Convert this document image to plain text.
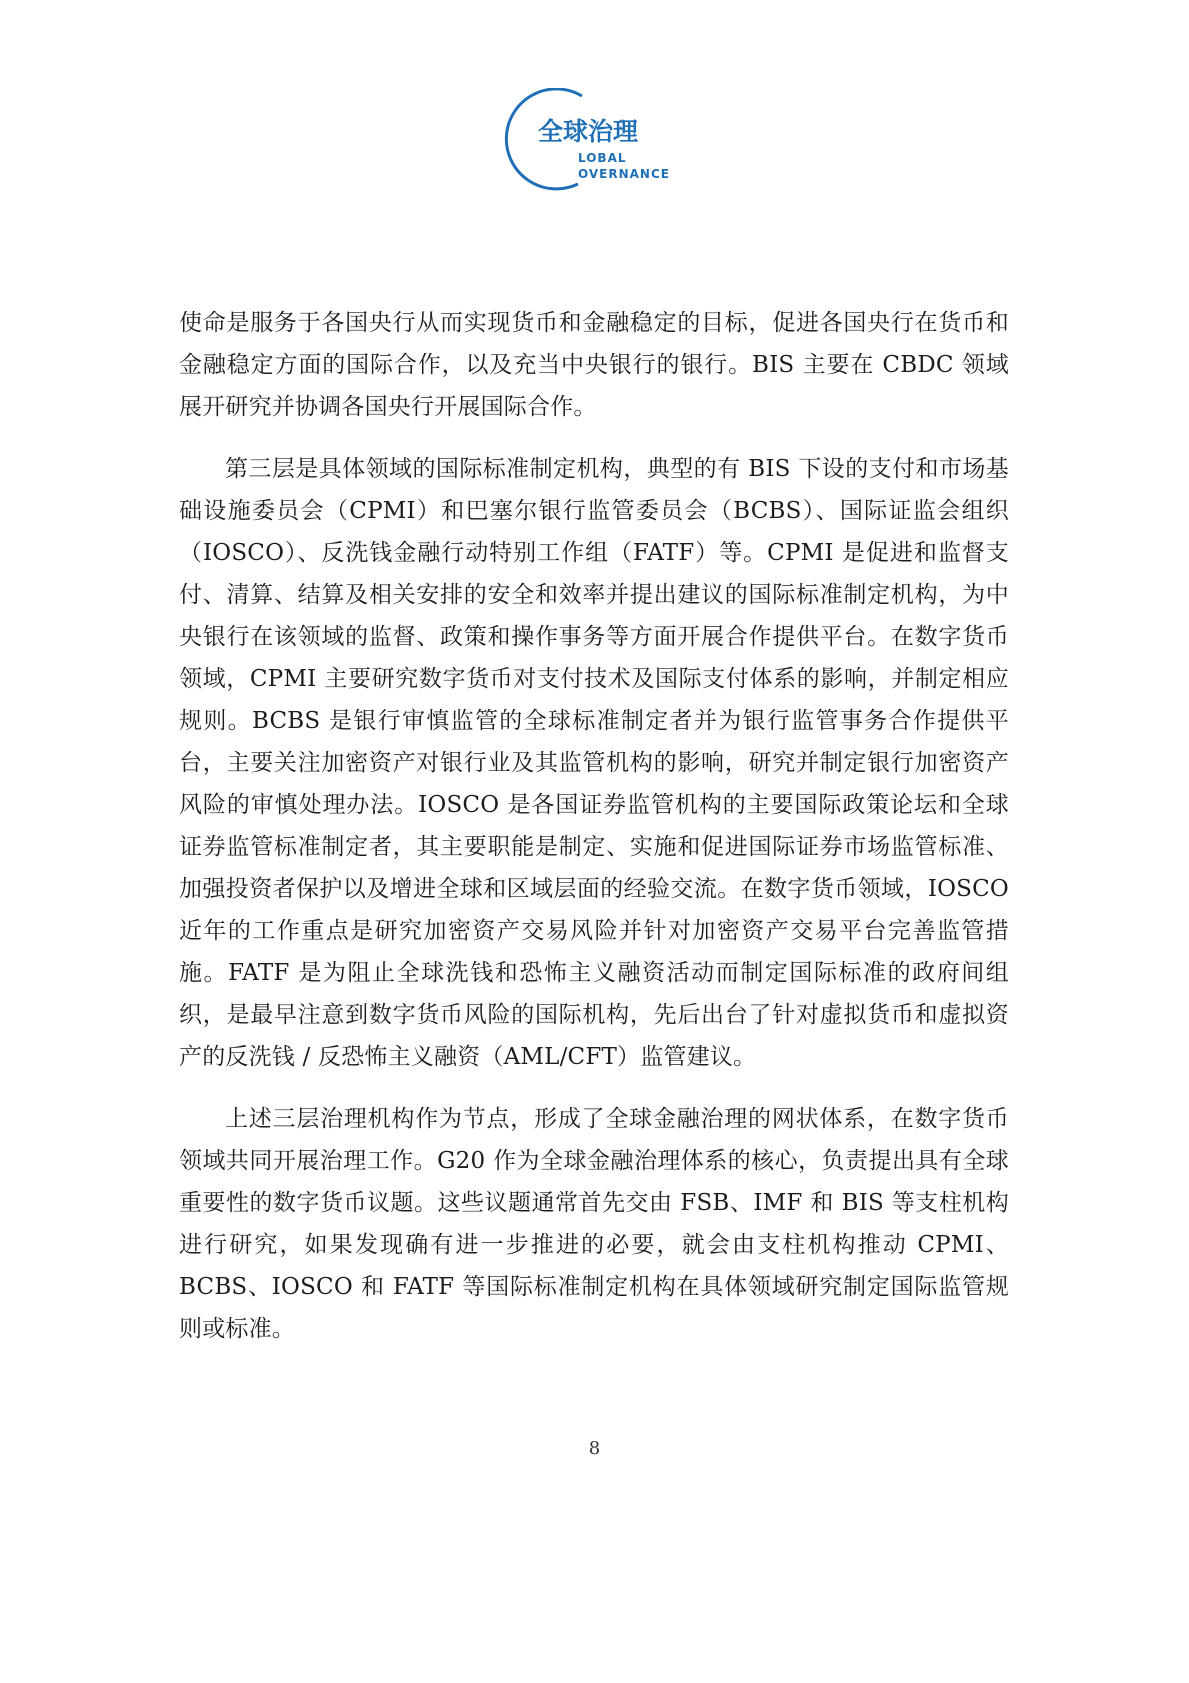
全球治理
LOBAL
OVERNANCE

使命是服务于各国央行从而实现货币和金融稳定的目标，促进各国央行在货币和金融稳定方面的国际合作，以及充当中央银行的银行。BIS 主要在 CBDC 领域展开研究并协调各国央行开展国际合作。

第三层是具体领域的国际标准制定机构，典型的有 BIS 下设的支付和市场基础设施委员会（CPMI）和巴塞尔银行监管委员会（BCBS）、国际证监会组织（IOSCO）、反洗钱金融行动特别工作组（FATF）等。CPMI 是促进和监督支付、清算、结算及相关安排的安全和效率并提出建议的国际标准制定机构，为中央银行在该领域的监督、政策和操作事务等方面开展合作提供平台。在数字货币领域，CPMI 主要研究数字货币对支付技术及国际支付体系的影响，并制定相应规则。BCBS 是银行审慎监管的全球标准制定者并为银行监管事务合作提供平台，主要关注加密资产对银行业及其监管机构的影响，研究并制定银行加密资产风险的审慎处理办法。IOSCO 是各国证券监管机构的主要国际政策论坛和全球证券监管标准制定者，其主要职能是制定、实施和促进国际证券市场监管标准、加强投资者保护以及增进全球和区域层面的经验交流。在数字货币领域，IOSCO 近年的工作重点是研究加密资产交易风险并针对加密资产交易平台完善监管措施。FATF 是为阻止全球洗钱和恐怖主义融资活动而制定国际标准的政府间组织，是最早注意到数字货币风险的国际机构，先后出台了针对虚拟货币和虚拟资产的反洗钱 / 反恐怖主义融资（AML/CFT）监管建议。

上述三层治理机构作为节点，形成了全球金融治理的网状体系，在数字货币领域共同开展治理工作。G20 作为全球金融治理体系的核心，负责提出具有全球重要性的数字货币议题。这些议题通常首先交由 FSB、IMF 和 BIS 等支柱机构进行研究，如果发现确有进一步推进的必要，就会由支柱机构推动 CPMI、BCBS、IOSCO 和 FATF 等国际标准制定机构在具体领域研究制定国际监管规则或标准。

8
